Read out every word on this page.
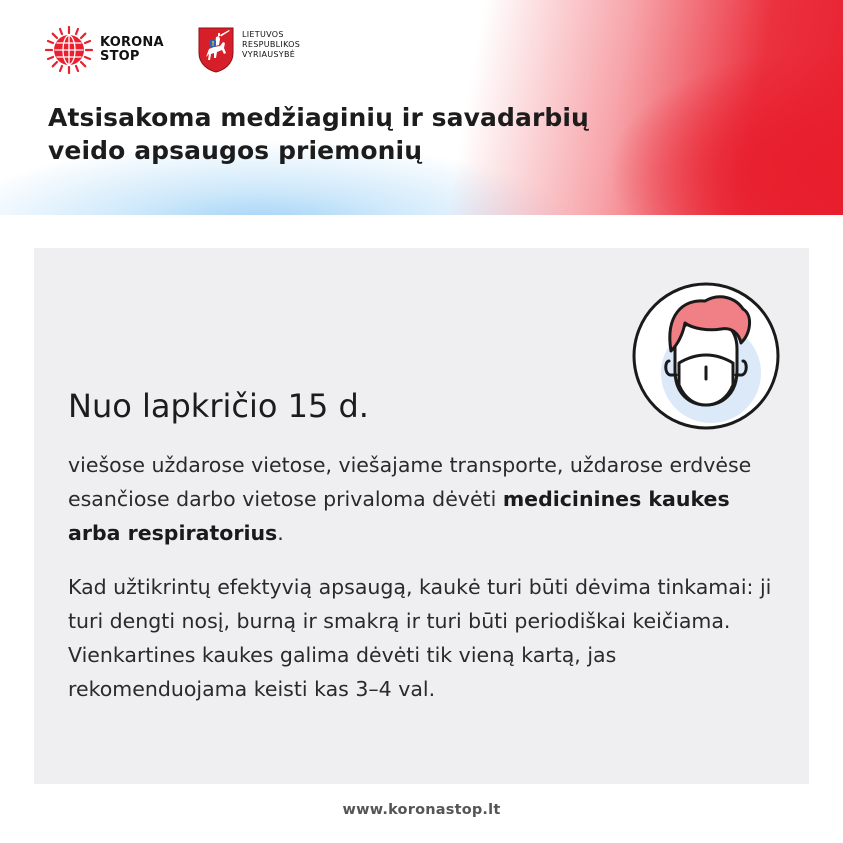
KORONA
STOP
LIETUVOS
RESPUBLIKOS
VYRIAUSYBĖ
Atsisakoma medžiaginių ir savadarbių
veido apsaugos priemonių
Nuo lapkričio 15 d.

viešose uždarose vietose, viešajame transporte, uždarose erdvėse esančiose darbo vietose privaloma dėvėti medicinines kaukes arba respiratorius.

Kad užtikrintų efektyvią apsaugą, kaukė turi būti dėvima tinkamai: ji turi dengti nosį, burną ir smakrą ir turi būti periodiškai keičiama. Vienkartines kaukes galima dėvėti tik vieną kartą, jas rekomenduojama keisti kas 3–4 val.

www.koronastop.lt
